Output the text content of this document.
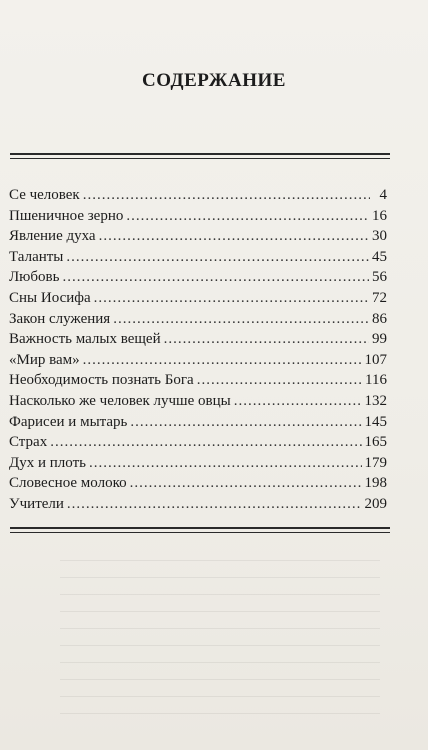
СОДЕРЖАНИЕ
Се человек .....	4
Пшеничное зерно .....	16
Явление духа .....	30
Таланты .....	45
Любовь .....	56
Сны Иосифа .....	72
Закон служения .....	86
Важность малых вещей .....	99
«Мир вам» .....	107
Необходимость познать Бога .....	116
Насколько же человек лучше овцы .....	132
Фарисеи и мытарь .....	145
Страх .....	165
Дух и плоть .....	179
Словесное молоко .....	198
Учители .....	209
